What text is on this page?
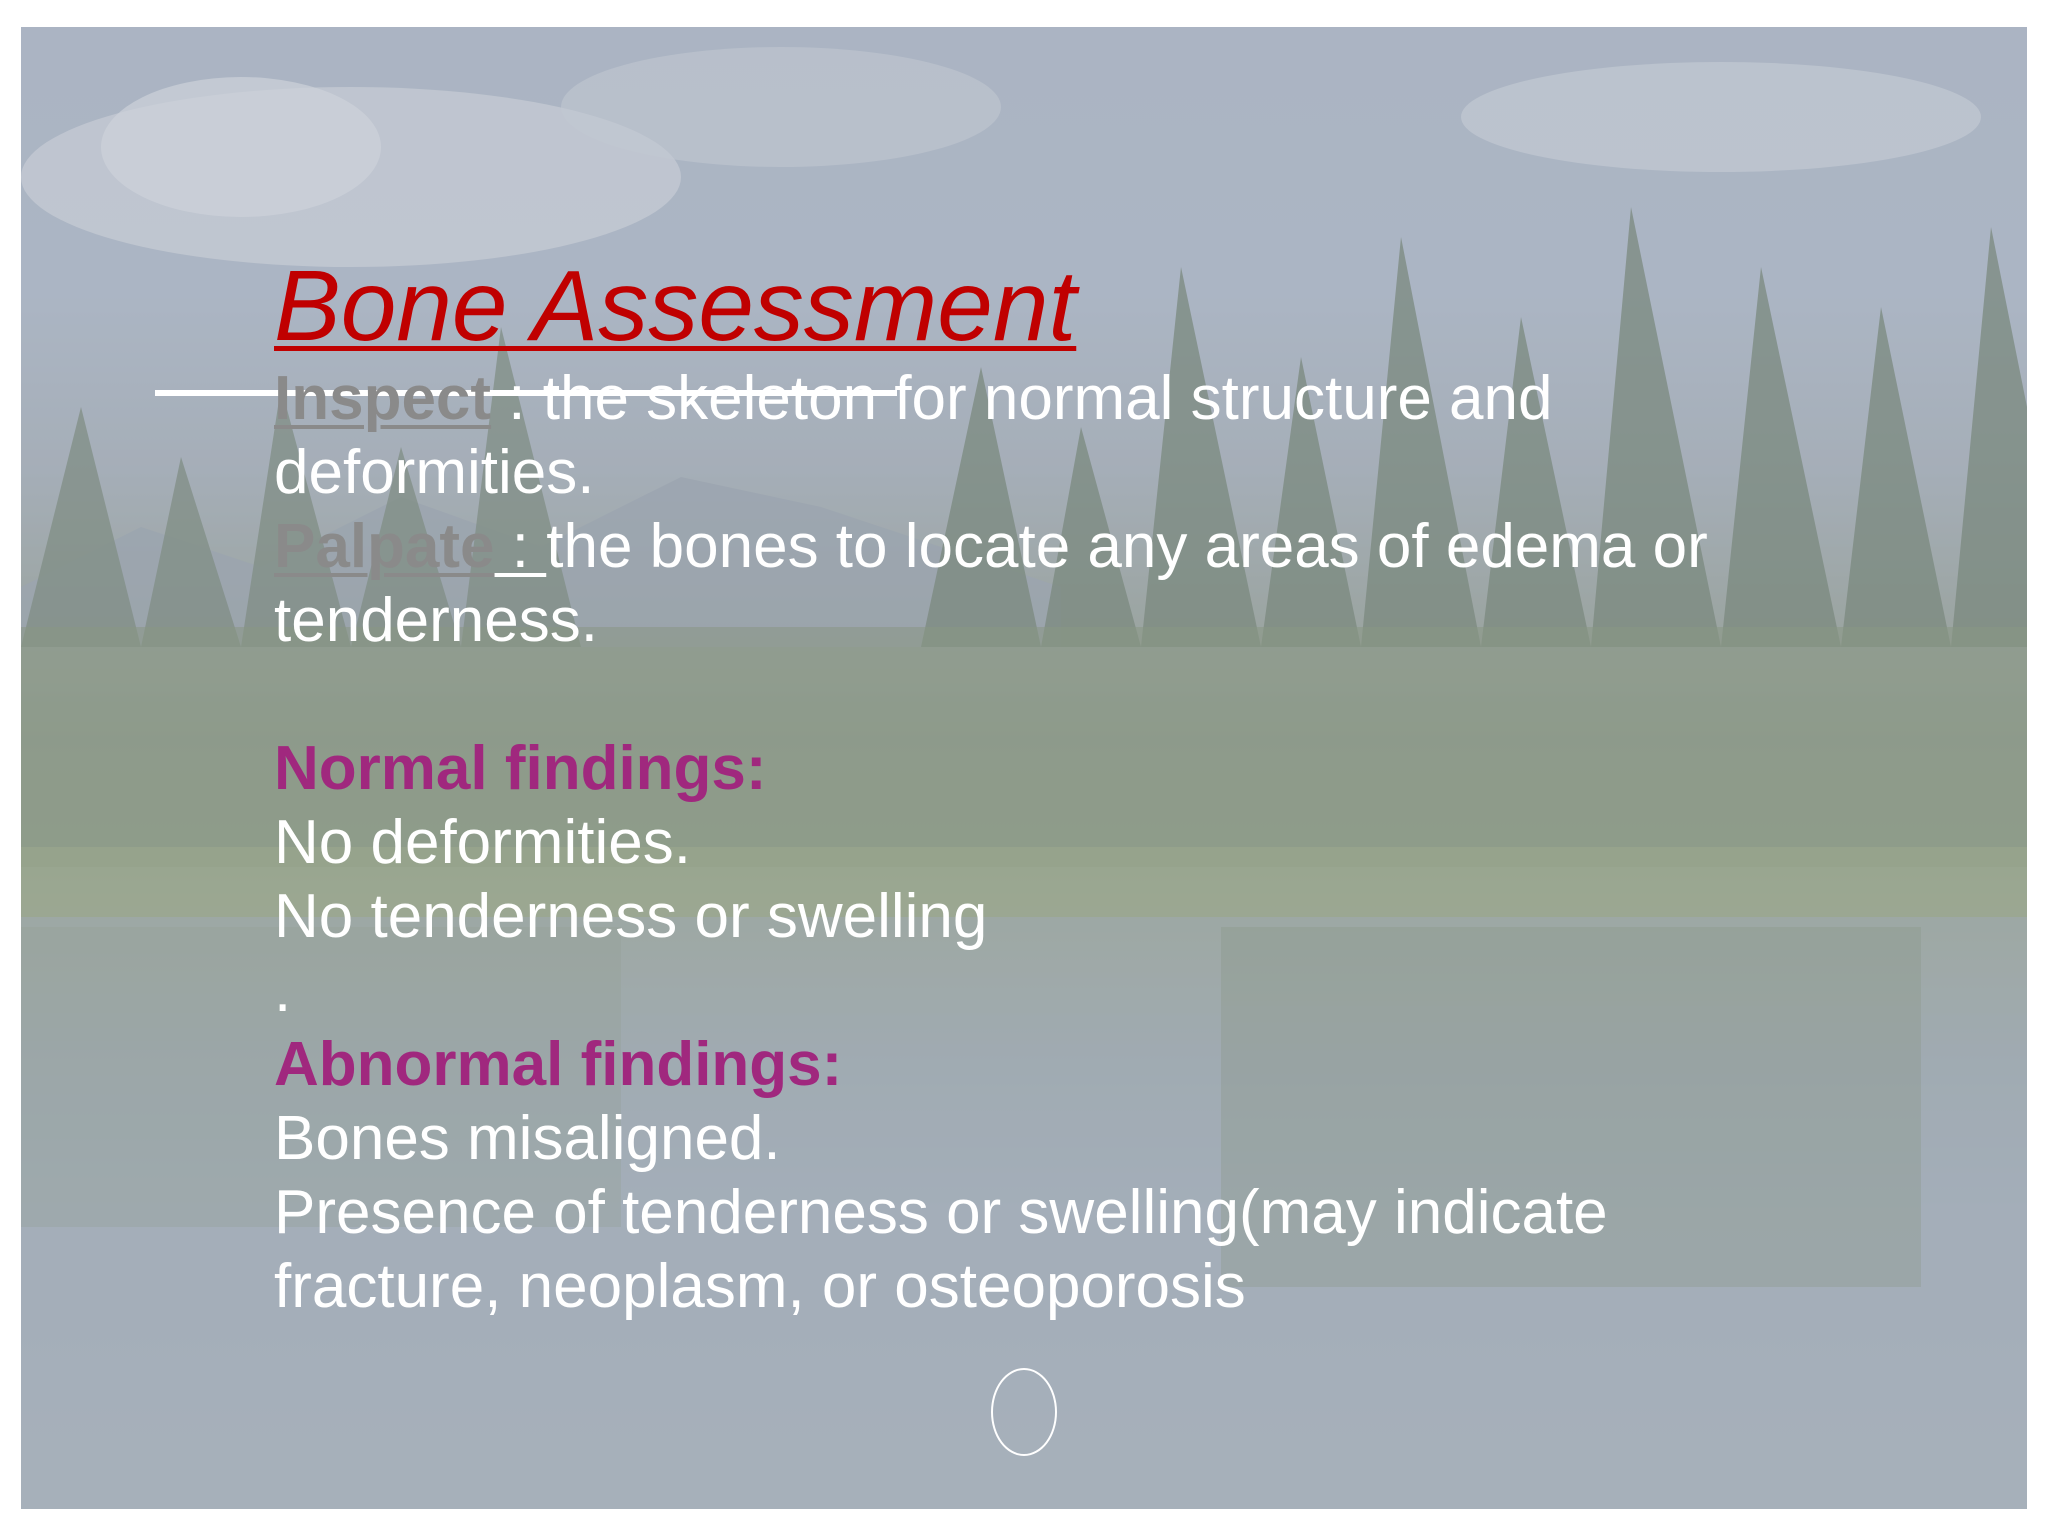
Bone Assessment

Inspect : the skeleton for normal structure and

deformities.

Palpate : the bones to locate any areas of edema or

tenderness.

Normal findings:

No deformities.

No tenderness or swelling

.

Abnormal findings:

Bones misaligned.

Presence of tenderness or swelling(may indicate

fracture, neoplasm, or osteoporosis
